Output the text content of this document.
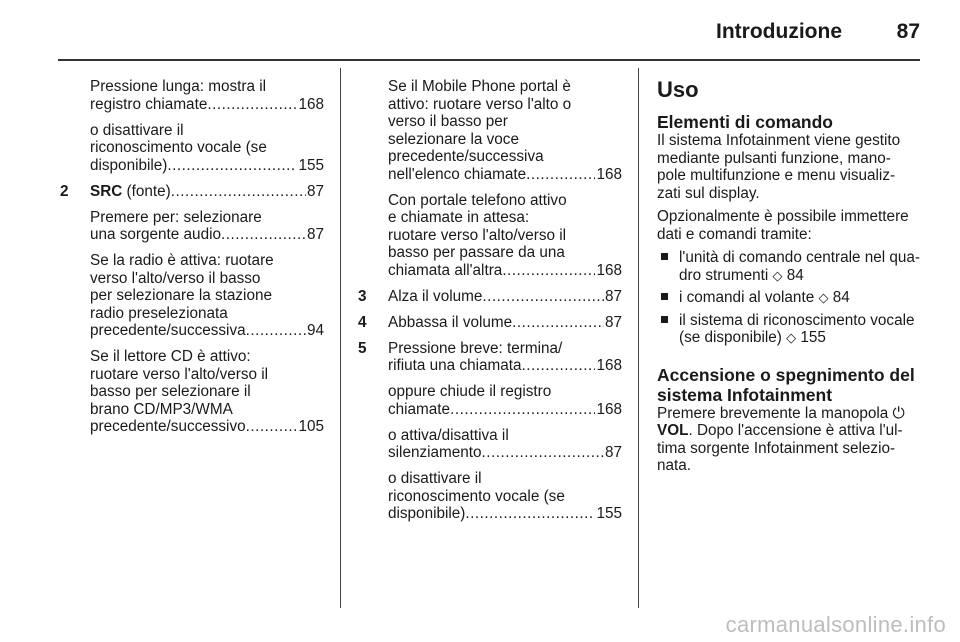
Introduzione	87
Pressione lunga: mostra il
registro chiamate .....	168
o disattivare il
riconoscimento vocale (se
disponibile) .....	155
2 SRC (fonte) .....	87
Premere per: selezionare
una sorgente audio .....	87
Se la radio è attiva: ruotare
verso l'alto/verso il basso
per selezionare la stazione
radio preselezionata
precedente/successiva .....	94
Se il lettore CD è attivo:
ruotare verso l'alto/verso il
basso per selezionare il
brano CD/MP3/WMA
precedente/successivo .....	105
Se il Mobile Phone portal è
attivo: ruotare verso l'alto o
verso il basso per
selezionare la voce
precedente/successiva
nell'elenco chiamate .....	168
Con portale telefono attivo
e chiamate in attesa:
ruotare verso l'alto/verso il
basso per passare da una
chiamata all'altra .....	168
3 Alza il volume .....	87
4 Abbassa il volume .....	87
5 Pressione breve: termina/
rifiuta una chiamata .....	168
oppure chiude il registro
chiamate .....	168
o attiva/disattiva il
silenziamento .....	87
o disattivare il
riconoscimento vocale (se
disponibile) .....	155
Uso
Elementi di comando
Il sistema Infotainment viene gestito
mediante pulsanti funzione, mano-
pole multifunzione e menu visualiz-
zati sul display.
Opzionalmente è possibile immettere
dati e comandi tramite:
l'unità di comando centrale nel qua-
dro strumenti ◇ 84
i comandi al volante ◇ 84
il sistema di riconoscimento vocale
(se disponibile) ◇ 155
Accensione o spegnimento del
sistema Infotainment
Premere brevemente la manopola ⏻
VOL. Dopo l'accensione è attiva l'ul-
tima sorgente Infotainment selezio-
nata.
carmanualsonline.info
